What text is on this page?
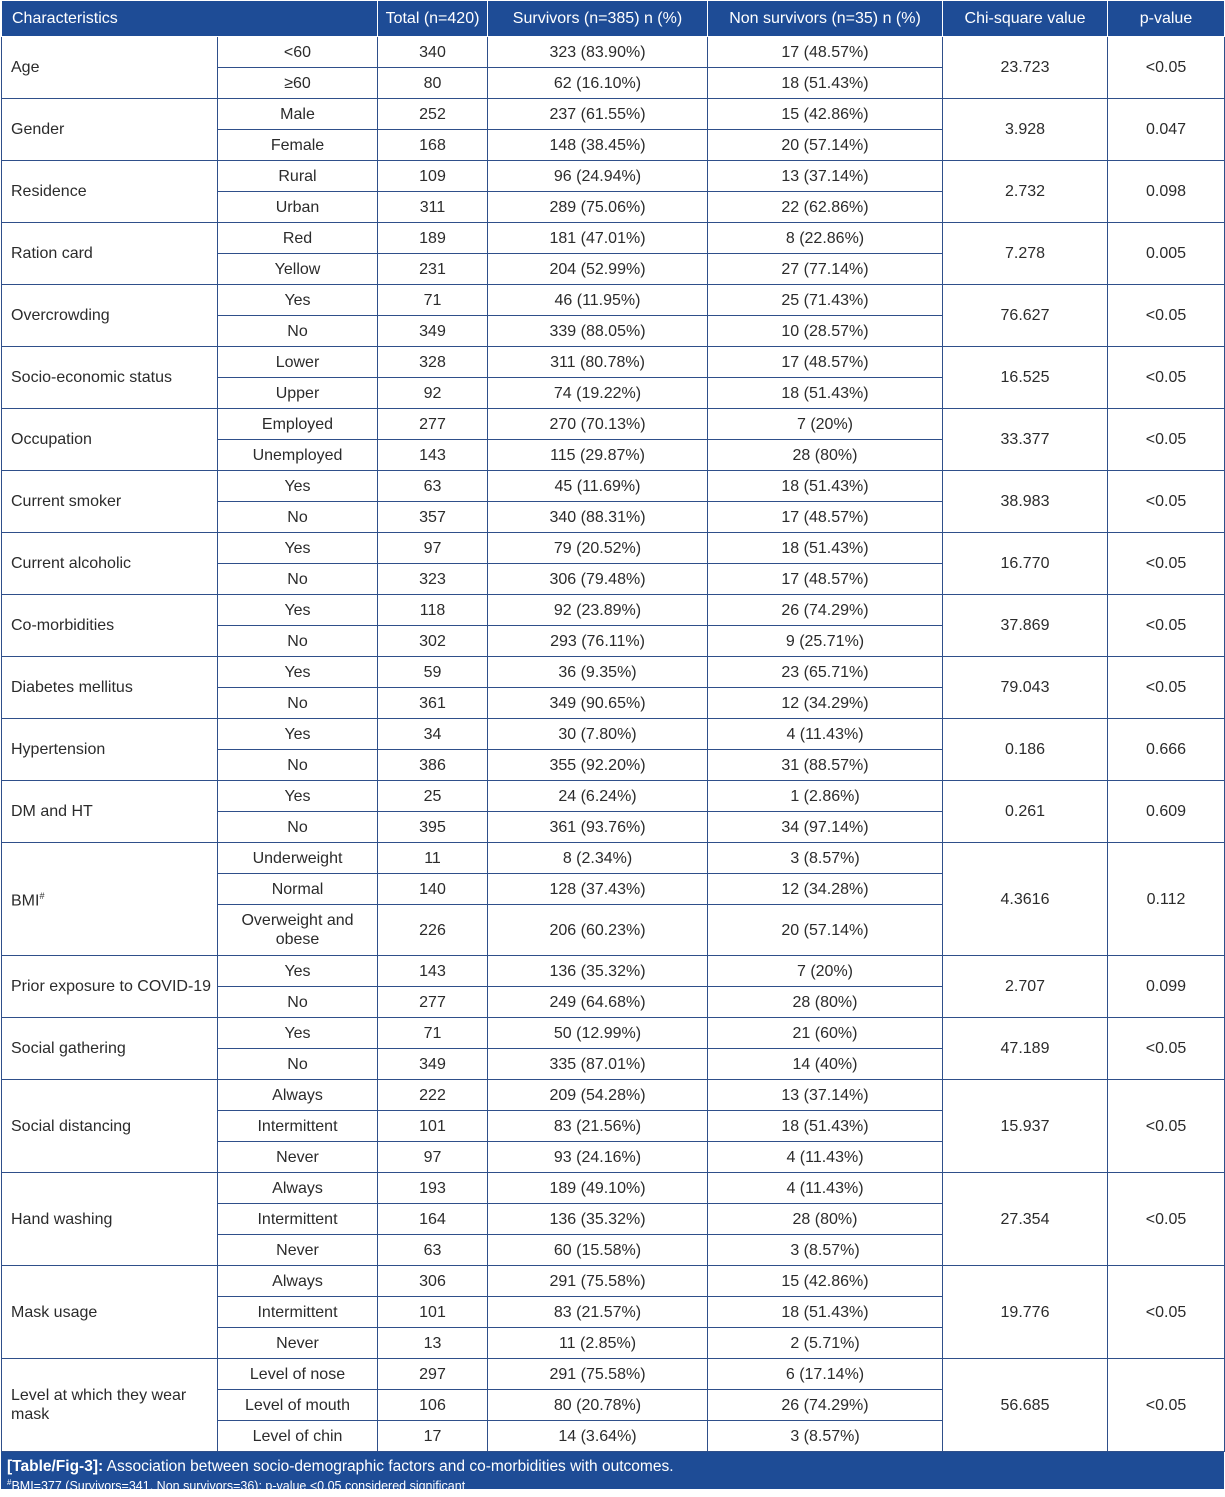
Characteristics		Total (n=420)	Survivors (n=385) n (%)	Non survivors (n=35) n (%)	Chi-square value	p-value
Age	<60	340	323 (83.90%)	17 (48.57%)	23.723	<0.05
	≥60	80	62 (16.10%)	18 (51.43%)		
Gender	Male	252	237 (61.55%)	15 (42.86%)	3.928	0.047
	Female	168	148 (38.45%)	20 (57.14%)		
Residence	Rural	109	96 (24.94%)	13 (37.14%)	2.732	0.098
	Urban	311	289 (75.06%)	22 (62.86%)		
Ration card	Red	189	181 (47.01%)	8 (22.86%)	7.278	0.005
	Yellow	231	204 (52.99%)	27 (77.14%)		
Overcrowding	Yes	71	46 (11.95%)	25 (71.43%)	76.627	<0.05
	No	349	339 (88.05%)	10 (28.57%)		
Socio-economic status	Lower	328	311 (80.78%)	17 (48.57%)	16.525	<0.05
	Upper	92	74 (19.22%)	18 (51.43%)		
Occupation	Employed	277	270 (70.13%)	7 (20%)	33.377	<0.05
	Unemployed	143	115 (29.87%)	28 (80%)		
Current smoker	Yes	63	45 (11.69%)	18 (51.43%)	38.983	<0.05
	No	357	340 (88.31%)	17 (48.57%)		
Current alcoholic	Yes	97	79 (20.52%)	18 (51.43%)	16.770	<0.05
	No	323	306 (79.48%)	17 (48.57%)		
Co-morbidities	Yes	118	92 (23.89%)	26 (74.29%)	37.869	<0.05
	No	302	293 (76.11%)	9 (25.71%)		
Diabetes mellitus	Yes	59	36 (9.35%)	23 (65.71%)	79.043	<0.05
	No	361	349 (90.65%)	12 (34.29%)		
Hypertension	Yes	34	30 (7.80%)	4 (11.43%)	0.186	0.666
	No	386	355 (92.20%)	31 (88.57%)		
DM and HT	Yes	25	24 (6.24%)	1 (2.86%)	0.261	0.609
	No	395	361 (93.76%)	34 (97.14%)		
BMI#	Underweight	11	8 (2.34%)	3 (8.57%)	4.3616	0.112
	Normal	140	128 (37.43%)	12 (34.28%)		
	Overweight and obese	226	206 (60.23%)	20 (57.14%)		
Prior exposure to COVID-19	Yes	143	136 (35.32%)	7 (20%)	2.707	0.099
	No	277	249 (64.68%)	28 (80%)		
Social gathering	Yes	71	50 (12.99%)	21 (60%)	47.189	<0.05
	No	349	335 (87.01%)	14 (40%)		
Social distancing	Always	222	209 (54.28%)	13 (37.14%)	15.937	<0.05
	Intermittent	101	83 (21.56%)	18 (51.43%)		
	Never	97	93 (24.16%)	4 (11.43%)		
Hand washing	Always	193	189 (49.10%)	4 (11.43%)	27.354	<0.05
	Intermittent	164	136 (35.32%)	28 (80%)		
	Never	63	60 (15.58%)	3 (8.57%)		
Mask usage	Always	306	291 (75.58%)	15 (42.86%)	19.776	<0.05
	Intermittent	101	83 (21.57%)	18 (51.43%)		
	Never	13	11 (2.85%)	2 (5.71%)		
Level at which they wear mask	Level of nose	297	291 (75.58%)	6 (17.14%)	56.685	<0.05
	Level of mouth	106	80 (20.78%)	26 (74.29%)		
	Level of chin	17	14 (3.64%)	3 (8.57%)		
[Table/Fig-3]: Association between socio-demographic factors and co-morbidities with outcomes.
#BMI=377 (Survivors=341, Non survivors=36); p-value <0.05 considered significant
